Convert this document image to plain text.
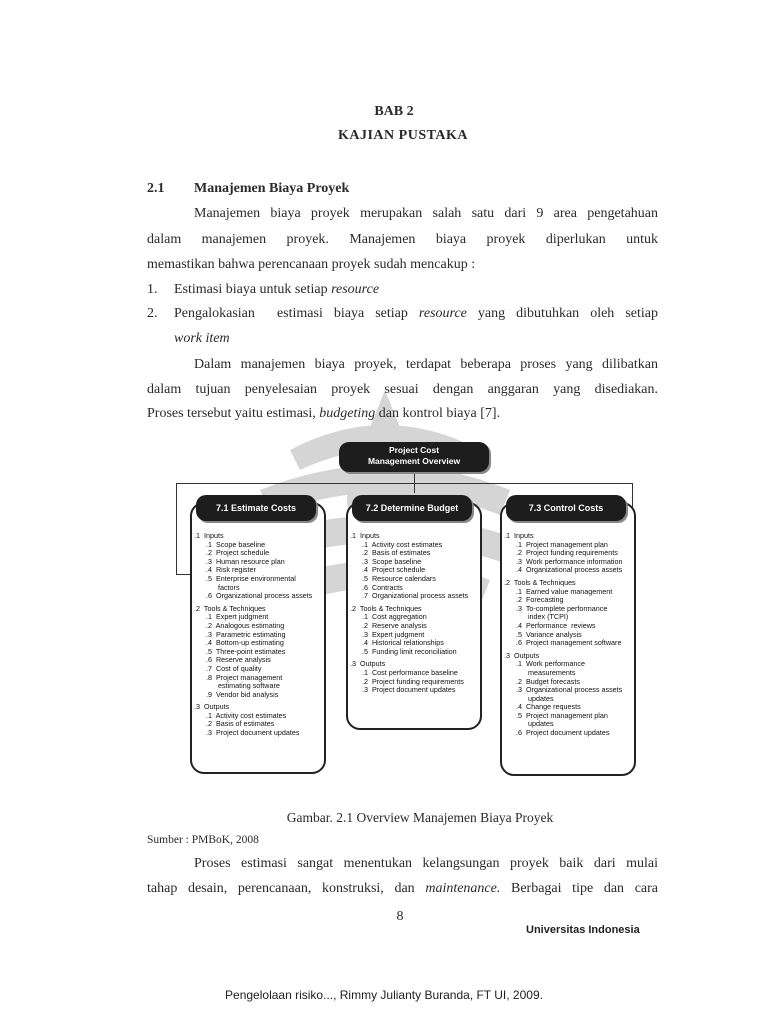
BAB 2
KAJIAN PUSTAKA
2.1 Manajemen Biaya Proyek
Manajemen biaya proyek merupakan salah satu dari 9 area pengetahuan
dalam manajemen proyek. Manajemen biaya proyek diperlukan untuk
memastikan bahwa perencanaan proyek sudah mencakup :
1. Estimasi biaya untuk setiap resource
2. Pengalokasian  estimasi biaya setiap resource yang dibutuhkan oleh setiap
work item
Dalam manajemen biaya proyek, terdapat beberapa proses yang dilibatkan
dalam tujuan penyelesaian proyek sesuai dengan anggaran yang disediakan.
Proses tersebut yaitu estimasi, budgeting dan kontrol biaya [7].
Project Cost
Management Overview
7.1 Estimate Costs
.1  Inputs
.1  Scope baseline
.2  Project schedule
.3  Human resource plan
.4  Risk register
.5  Enterprise environmental
factors
.6  Organizational process assets

.2  Tools & Techniques
.1  Expert judgment
.2  Analogous estimating
.3  Parametric estimating
.4  Bottom-up estimating
.5  Three-point estimates
.6  Reserve analysis
.7  Cost of quality
.8  Project management
estimating software
.9  Vendor bid analysis

.3  Outputs
.1  Activity cost estimates
.2  Basis of estimates
.3  Project document updates
7.2 Determine Budget
.1  Inputs
.1  Activity cost estimates
.2  Basis of estimates
.3  Scope baseline
.4  Project schedule
.5  Resource calendars
.6  Contracts
.7  Organizational process assets

.2  Tools & Techniques
.1  Cost aggregation
.2  Reserve analysis
.3  Expert judgment
.4  Historical relationships
.5  Funding limit reconciliation

.3  Outputs
.1  Cost performance baseline
.2  Project funding requirements
.3  Project document updates
7.3 Control Costs
.1  Inputs
.1  Project management plan
.2  Project funding requirements
.3  Work performance information
.4  Organizational process assets

.2  Tools & Techniques
.1  Earned value management
.2  Forecasting
.3  To-complete performance
index (TCPI)
.4  Performance  reviews
.5  Variance analysis
.6  Project management software

.3  Outputs
.1  Work performance
measurements
.2  Budget forecasts
.3  Organizational process assets
updates
.4  Change requests
.5  Project management plan
updates
.6  Project document updates
Gambar. 2.1 Overview Manajemen Biaya Proyek
Sumber : PMBoK, 2008
Proses estimasi sangat menentukan kelangsungan proyek baik dari mulai
tahap desain, perencanaan, konstruksi, dan maintenance. Berbagai tipe dan cara
8
Universitas Indonesia
Pengelolaan risiko..., Rimmy Julianty Buranda, FT UI, 2009.
